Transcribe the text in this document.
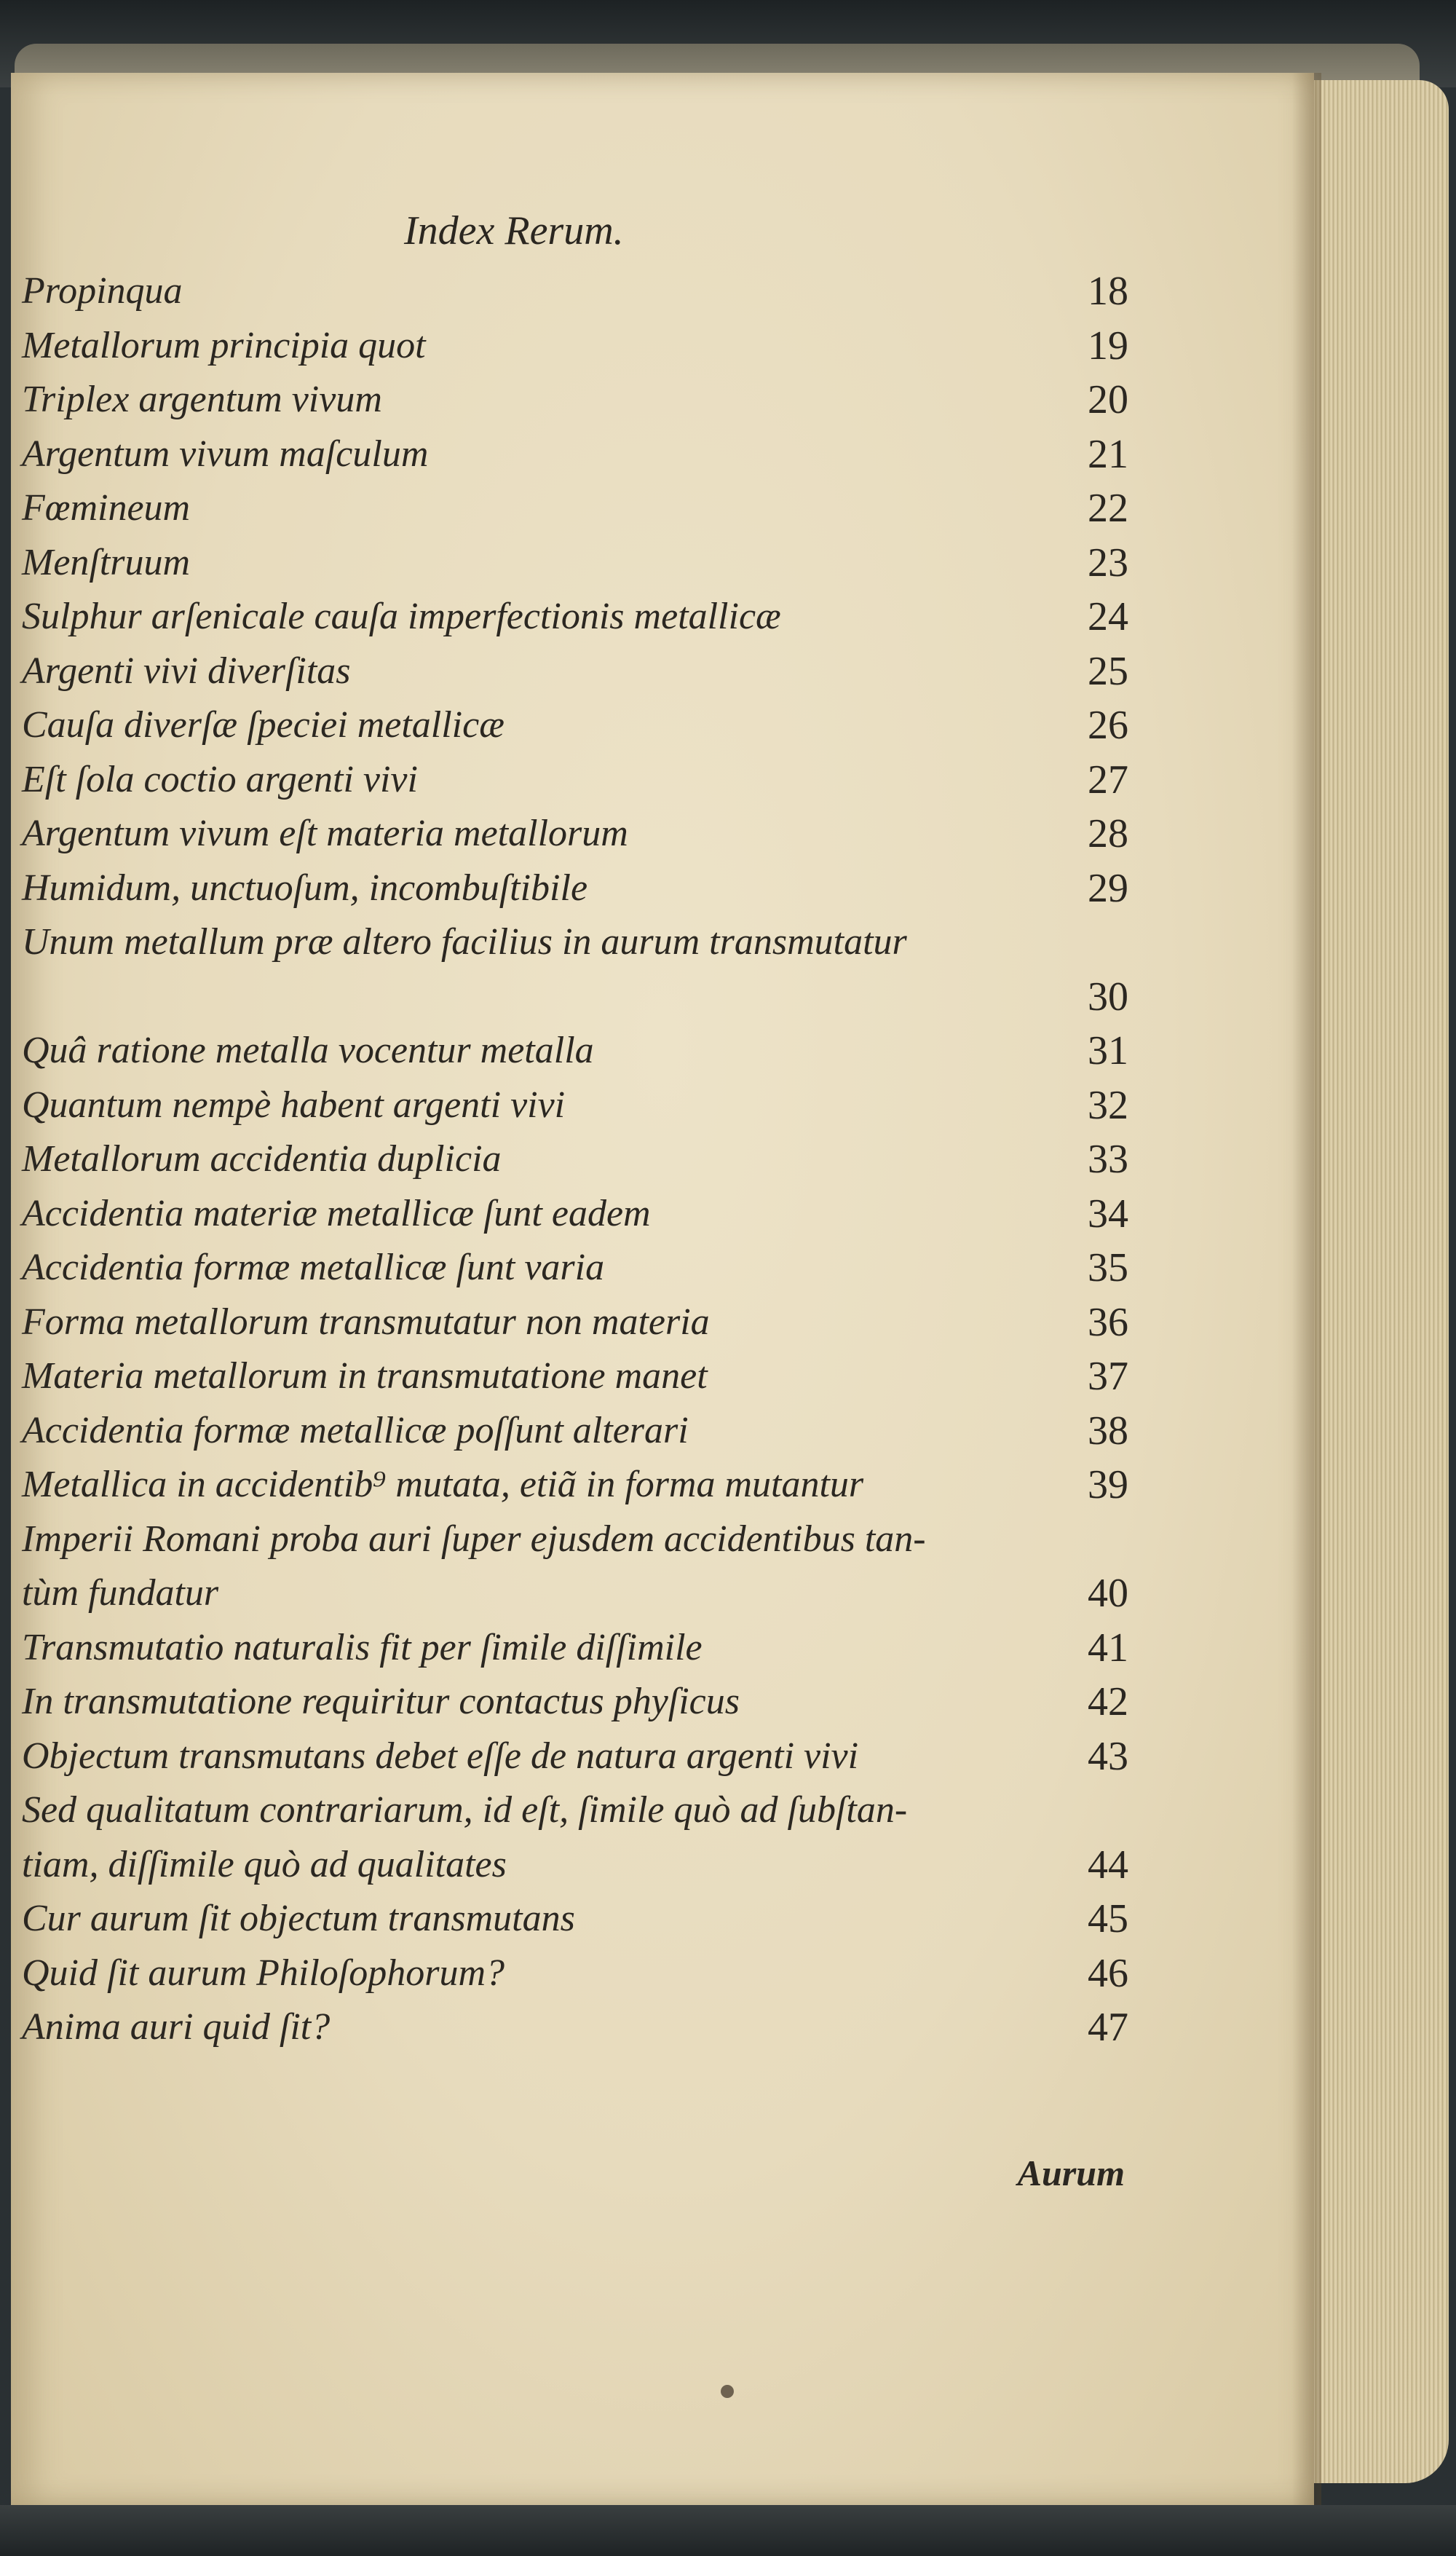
Index Rerum.
Propinqua	18
Metallorum principia quot	19
Triplex argentum vivum	20
Argentum vivum maſculum	21
Fœmineum	22
Menſtruum	23
Sulphur arſenicale cauſa imperfectionis metallicæ	24
Argenti vivi diverſitas	25
Cauſa diverſæ ſpeciei metallicæ	26
Eſt ſola coctio argenti vivi	27
Argentum vivum eſt materia metallorum	28
Humidum, unctuoſum, incombuſtibile	29
Unum metallum præ altero facilius in aurum transmutatur
30
Quâ ratione metalla vocentur metalla	31
Quantum nempè habent argenti vivi	32
Metallorum accidentia duplicia	33
Accidentia materiæ metallicæ ſunt eadem	34
Accidentia formæ metallicæ ſunt varia	35
Forma metallorum transmutatur non materia	36
Materia metallorum in transmutatione manet	37
Accidentia formæ metallicæ poſſunt alterari	38
Metallica in accidentib⁹ mutata, etiã in forma mutantur	39
Imperii Romani proba auri ſuper ejusdem accidentibus tan-
tùm fundatur	40
Transmutatio naturalis fit per ſimile diſſimile	41
In transmutatione requiritur contactus phyſicus	42
Objectum transmutans debet eſſe de natura argenti vivi	43
Sed qualitatum contrariarum, id eſt, ſimile quò ad ſubſtan-
tiam, diſſimile quò ad qualitates	44
Cur aurum ſit objectum transmutans	45
Quid ſit aurum Philoſophorum?	46
Anima auri quid ſit?	47
Aurum
